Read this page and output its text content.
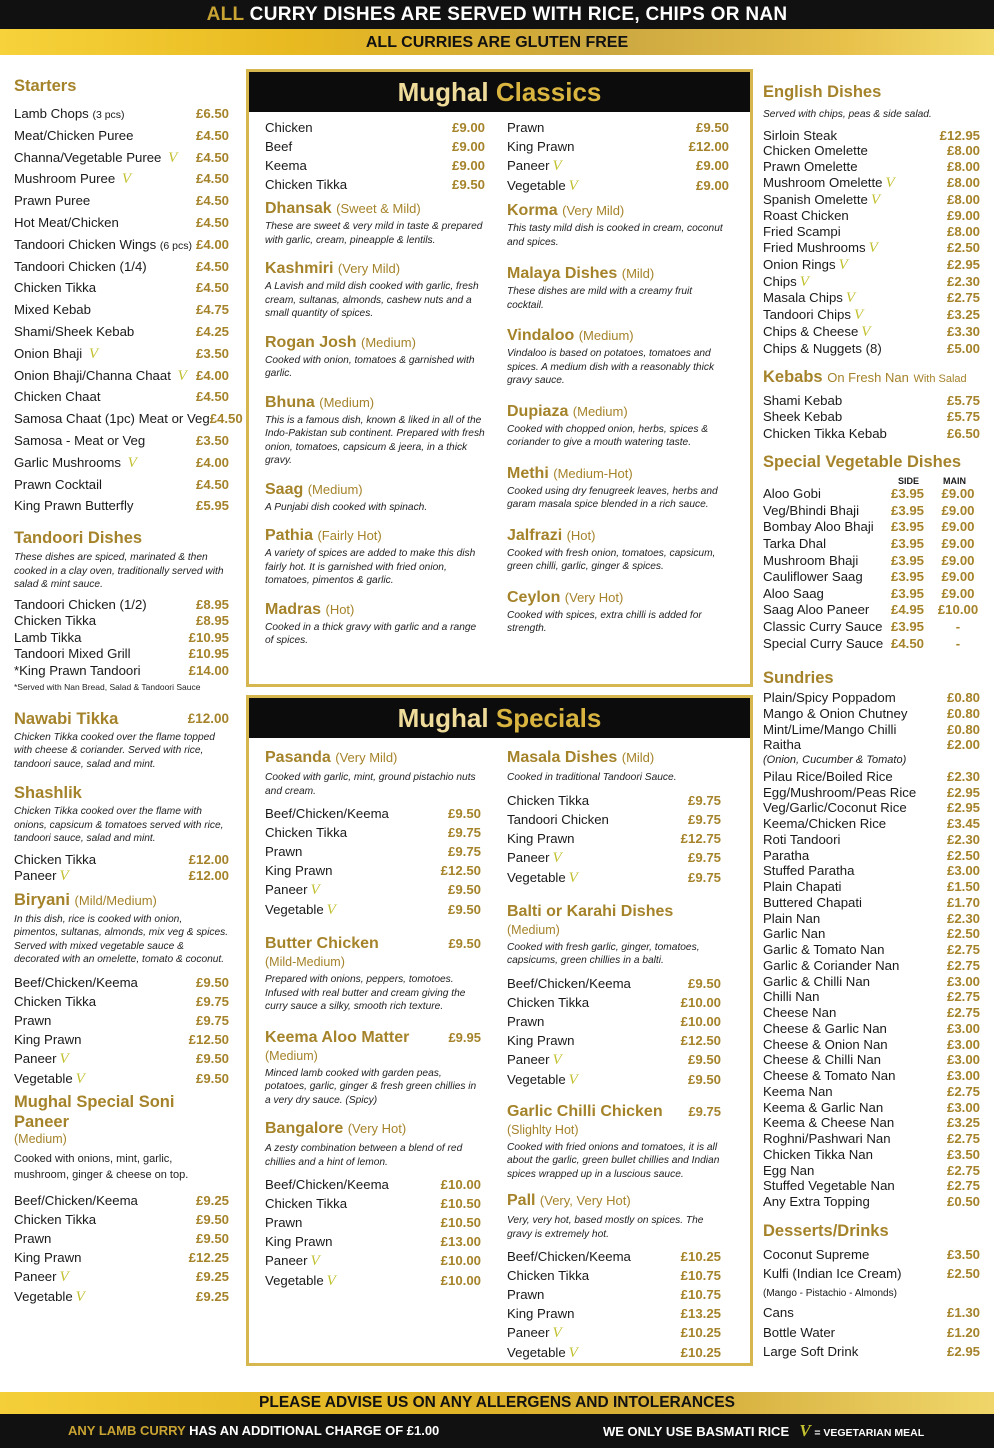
ALL CURRY DISHES ARE SERVED WITH RICE, CHIPS OR NAN
ALL CURRIES ARE GLUTEN FREE
Starters
Lamb Chops (3 pcs)	£6.50
Meat/Chicken Puree	£4.50
Channa/Vegetable Puree V £4.50
Mushroom Puree V	£4.50
Prawn Puree	£4.50
Hot Meat/Chicken	£4.50
Tandoori Chicken Wings (6 pcs) £4.00
Tandoori Chicken (1/4)	£4.50
Chicken Tikka	£4.50
Mixed Kebab	£4.75
Shami/Sheek Kebab	£4.25
Onion Bhaji V	£3.50
Onion Bhaji/Channa Chaat V £4.00
Chicken Chaat	£4.50
Samosa Chaat (1pc) Meat or Veg £4.50
Samosa - Meat or Veg	£3.50
Garlic Mushrooms V	£4.00
Prawn Cocktail	£4.50
King Prawn Butterfly	£5.95
Tandoori Dishes
These dishes are spiced, marinated & then cooked in a clay oven, traditionally served with salad & mint sauce.
Tandoori Chicken (1/2)	£8.95
Chicken Tikka	£8.95
Lamb Tikka	£10.95
Tandoori Mixed Grill	£10.95
*King Prawn Tandoori	£14.00
*Served with Nan Bread, Salad & Tandoori Sauce
Nawabi Tikka	£12.00
Chicken Tikka cooked over the flame topped with cheese & coriander. Served with rice, tandoori sauce, salad and mint.
Shashlik
Chicken Tikka cooked over the flame with onions, capsicum & tomatoes served with rice, tandoori sauce, salad and mint.
Chicken Tikka	£12.00
Paneer V	£12.00
Biryani (Mild/Medium)
In this dish, rice is cooked with onion, pimentos, sultanas, almonds, mix veg & spices. Served with mixed vegetable sauce & decorated with an omelette, tomato & coconut.
Beef/Chicken/Keema	£9.50
Chicken Tikka	£9.75
Prawn	£9.75
King Prawn	£12.50
Paneer V	£9.50
Vegetable V	£9.50
Mughal Special Soni Paneer
(Medium)
Cooked with onions, mint, garlic, mushroom, ginger & cheese on top.
Beef/Chicken/Keema	£9.25
Chicken Tikka	£9.50
Prawn	£9.50
King Prawn	£12.25
Paneer V	£9.25
Vegetable V	£9.25
Mughal Classics
Chicken	£9.00
Beef	£9.00
Keema	£9.00
Chicken Tikka	£9.50
Dhansak (Sweet & Mild)
These are sweet & very mild in taste & prepared with garlic, cream, pineapple & lentils.
Kashmiri (Very Mild)
A Lavish and mild dish cooked with garlic, fresh cream, sultanas, almonds, cashew nuts and a small quantity of spices.
Rogan Josh (Medium)
Cooked with onion, tomatoes & garnished with garlic.
Bhuna (Medium)
This is a famous dish, known & liked in all of the Indo-Pakistan sub continent. Prepared with fresh onion, tomatoes, capsicum & jeera, in a thick gravy.
Saag (Medium)
A Punjabi dish cooked with spinach.
Pathia (Fairly Hot)
A variety of spices are added to make this dish fairly hot. It is garnished with fried onion, tomatoes, pimentos & garlic.
Madras (Hot)
Cooked in a thick gravy with garlic and a range of spices.
Prawn	£9.50
King Prawn	£12.00
Paneer V	£9.00
Vegetable V	£9.00
Korma (Very Mild)
This tasty mild dish is cooked in cream, coconut and spices.
Malaya Dishes (Mild)
These dishes are mild with a creamy fruit cocktail.
Vindaloo (Medium)
Vindaloo is based on potatoes, tomatoes and spices. A medium dish with a reasonably thick gravy sauce.
Dupiaza (Medium)
Cooked with chopped onion, herbs, spices & coriander to give a mouth watering taste.
Methi (Medium-Hot)
Cooked using dry fenugreek leaves, herbs and garam masala spice blended in a rich sauce.
Jalfrazi (Hot)
Cooked with fresh onion, tomatoes, capsicum, green chilli, garlic, ginger & spices.
Ceylon (Very Hot)
Cooked with spices, extra chilli is added for strength.
Mughal Specials
Pasanda (Very Mild)
Cooked with garlic, mint, ground pistachio nuts and cream.
Beef/Chicken/Keema	£9.50
Chicken Tikka	£9.75
Prawn	£9.75
King Prawn	£12.50
Paneer V	£9.50
Vegetable V	£9.50
Butter Chicken	£9.50
(Mild-Medium)
Prepared with onions, peppers, tomotoes. Infused with real butter and cream giving the curry sauce a silky, smooth rich texture.
Keema Aloo Matter	£9.95
(Medium)
Minced lamb cooked with garden peas, potatoes, garlic, ginger & fresh green chillies in a very dry sauce. (Spicy)
Bangalore (Very Hot)
A zesty combination between a blend of red chillies and a hint of lemon.
Beef/Chicken/Keema	£10.00
Chicken Tikka	£10.50
Prawn	£10.50
King Prawn	£13.00
Paneer V	£10.00
Vegetable V	£10.00
Masala Dishes (Mild)
Cooked in traditional Tandoori Sauce.
Chicken Tikka	£9.75
Tandoori Chicken	£9.75
King Prawn	£12.75
Paneer V	£9.75
Vegetable V	£9.75
Balti or Karahi Dishes
(Medium)
Cooked with fresh garlic, ginger, tomatoes, capsicums, green chillies in a balti.
Beef/Chicken/Keema	£9.50
Chicken Tikka	£10.00
Prawn	£10.00
King Prawn	£12.50
Paneer V	£9.50
Vegetable V	£9.50
Garlic Chilli Chicken £9.75
(Slighlty Hot)
Cooked with fried onions and tomatoes, it is all about the garlic, green bullet chillies and Indian spices wrapped up in a luscious sauce.
Pall (Very, Very Hot)
Very, very hot, based mostly on spices. The gravy is extremely hot.
Beef/Chicken/Keema	£10.25
Chicken Tikka	£10.75
Prawn	£10.75
King Prawn	£13.25
Paneer V	£10.25
Vegetable V	£10.25
English Dishes
Served with chips, peas & side salad.
Sirloin Steak	£12.95
Chicken Omelette	£8.00
Prawn Omelette	£8.00
Mushroom Omelette V	£8.00
Spanish Omelette V	£8.00
Roast Chicken	£9.00
Fried Scampi	£8.00
Fried Mushrooms V	£2.50
Onion Rings V	£2.95
Chips V	£2.30
Masala Chips V	£2.75
Tandoori Chips V	£3.25
Chips & Cheese V	£3.30
Chips & Nuggets (8)	£5.00
Kebabs On Fresh Nan With Salad
Shami Kebab	£5.75
Sheek Kebab	£5.75
Chicken Tikka Kebab	£6.50
Special Vegetable Dishes
SIDE	MAIN
Aloo Gobi	£3.95	£9.00
Veg/Bhindi Bhaji £3.95	£9.00
Bombay Aloo Bhaji £3.95	£9.00
Tarka Dhal	£3.95	£9.00
Mushroom Bhaji £3.95	£9.00
Cauliflower Saag £3.95	£9.00
Aloo Saag	£3.95	£9.00
Saag Aloo Paneer £4.95 £10.00
Classic Curry Sauce £3.95	-
Special Curry Sauce £4.50	-
Sundries
Plain/Spicy Poppadom	£0.80
Mango & Onion Chutney	£0.80
Mint/Lime/Mango Chilli	£0.80
Raitha	£2.00
(Onion, Cucumber & Tomato)
Pilau Rice/Boiled Rice	£2.30
Egg/Mushroom/Peas Rice £2.95
Veg/Garlic/Coconut Rice	£2.95
Keema/Chicken Rice	£3.45
Roti Tandoori	£2.30
Paratha	£2.50
Stuffed Paratha	£3.00
Plain Chapati	£1.50
Buttered Chapati	£1.70
Plain Nan	£2.30
Garlic Nan	£2.50
Garlic & Tomato Nan	£2.75
Garlic & Coriander Nan	£2.75
Garlic & Chilli Nan	£3.00
Chilli Nan	£2.75
Cheese Nan	£2.75
Cheese & Garlic Nan	£3.00
Cheese & Onion Nan	£3.00
Cheese & Chilli Nan	£3.00
Cheese & Tomato Nan	£3.00
Keema Nan	£2.75
Keema & Garlic Nan	£3.00
Keema & Cheese Nan	£3.25
Roghni/Pashwari Nan	£2.75
Chicken Tikka Nan	£3.50
Egg Nan	£2.75
Stuffed Vegetable Nan	£2.75
Any Extra Topping	£0.50
Desserts/Drinks
Coconut Supreme	£3.50
Kulfi (Indian Ice Cream)	£2.50
(Mango - Pistachio - Almonds)
Cans	£1.30
Bottle Water	£1.20
Large Soft Drink	£2.95
PLEASE ADVISE US ON ANY ALLERGENS AND INTOLERANCES
ANY LAMB CURRY HAS AN ADDITIONAL CHARGE OF £1.00	WE ONLY USE BASMATI RICE V = VEGETARIAN MEAL
